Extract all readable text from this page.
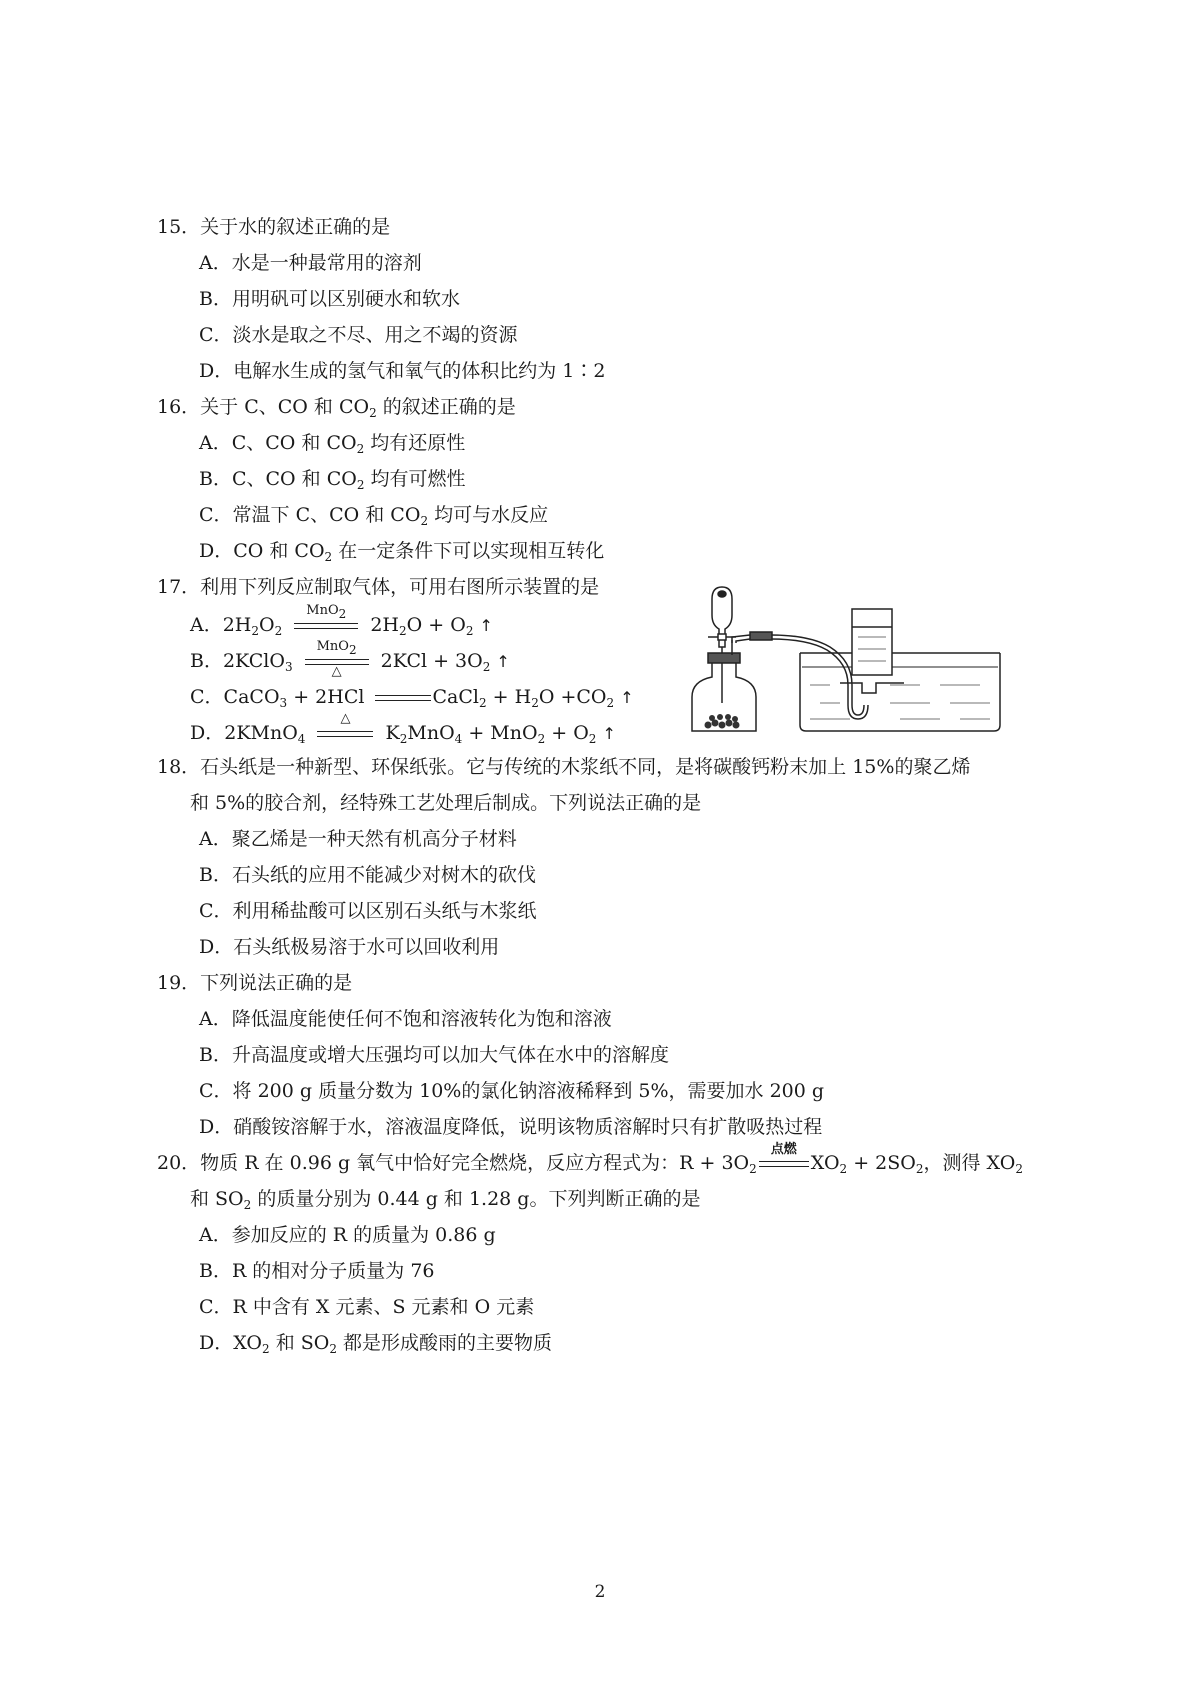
15．关于水的叙述正确的是
A．水是一种最常用的溶剂
B．用明矾可以区别硬水和软水
C．淡水是取之不尽、用之不竭的资源
D．电解水生成的氢气和氧气的体积比约为 1∶2
16．关于 C、CO 和 $CO_2$ 的叙述正确的是
A．C、CO 和 $CO_2$ 均有还原性
B．C、CO 和 $CO_2$ 均有可燃性
C．常温下 C、CO 和 $CO_2$ 均可与水反应
D．CO 和 $CO_2$ 在一定条件下可以实现相互转化
17．利用下列反应制取气体，可用右图所示装置的是
A．$2H_2O_2$
MnO$_2$	$2H_2O + O_2$ ↑
B．2KClO$_3$
MnO$_2$
△	$2KCl + 3O_2$ ↑
C．CaCO$_3$ + 2HCl	CaCl$_2$ + $H_2O +CO_2$ ↑
D．2KMnO$_4$
△
$K_2MnO_4 + MnO_2 + O_2$ ↑
18．石头纸是一种新型、环保纸张。它与传统的木浆纸不同，是将碳酸钙粉末加上 15%的聚乙烯
和 5%的胶合剂，经特殊工艺处理后制成。下列说法正确的是
A．聚乙烯是一种天然有机高分子材料
B．石头纸的应用不能减少对树木的砍伐
C．利用稀盐酸可以区别石头纸与木浆纸
D．石头纸极易溶于水可以回收利用
19．下列说法正确的是
A．降低温度能使任何不饱和溶液转化为饱和溶液
B．升高温度或增大压强均可以加大气体在水中的溶解度
C．将 200 g 质量分数为 10%的氯化钠溶液稀释到 5%，需要加水 200 g
D．硝酸铵溶解于水，溶液温度降低，说明该物质溶解时只有扩散吸热过程
20．物质 R 在 0.96 g 氧气中恰好完全燃烧，反应方程式为：$R + 3O_2$
点燃
$XO_2 + 2SO_2$，测得 $XO_2$
和 $SO_2$ 的质量分别为 0.44 g 和 1.28 g。下列判断正确的是
A．参加反应的 R 的质量为 0.86 g
B．R 的相对分子质量为 76
C．R 中含有 X 元素、S 元素和 O 元素
D．$XO_2$ 和 $SO_2$ 都是形成酸雨的主要物质
2
